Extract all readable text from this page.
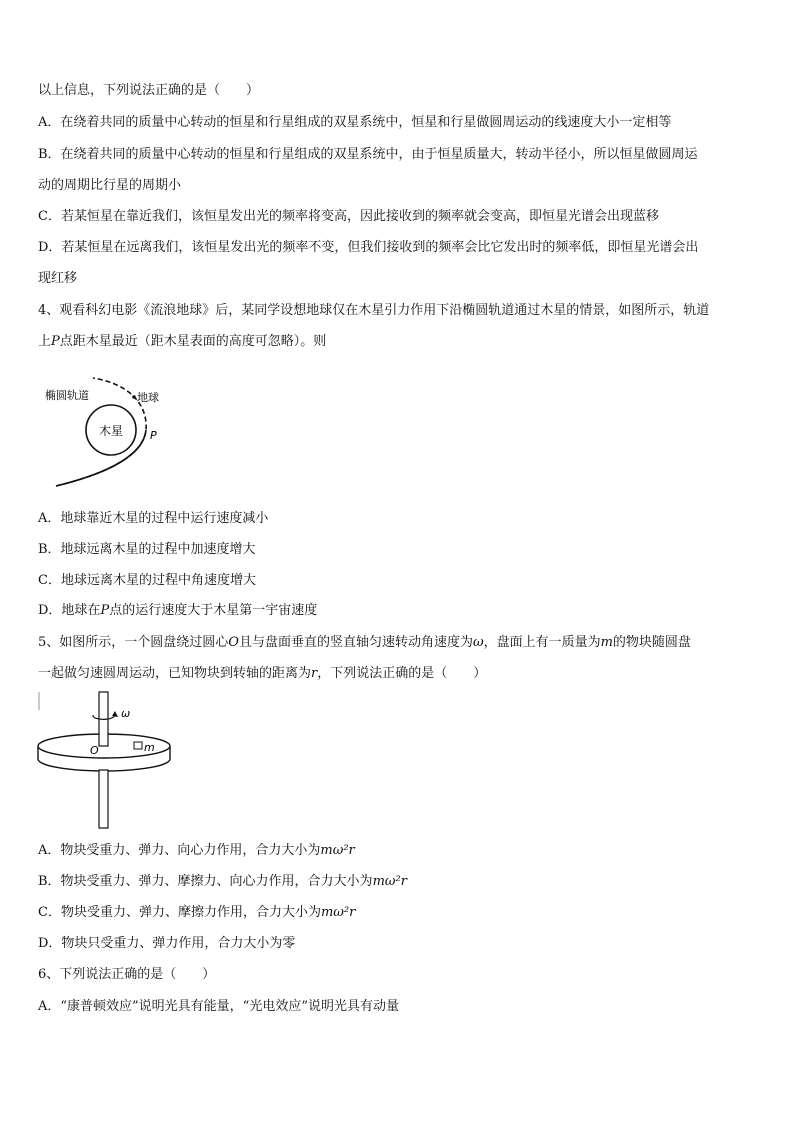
以上信息，下列说法正确的是（　　）
A．在绕着共同的质量中心转动的恒星和行星组成的双星系统中，恒星和行星做圆周运动的线速度大小一定相等
B．在绕着共同的质量中心转动的恒星和行星组成的双星系统中，由于恒星质量大，转动半径小，所以恒星做圆周运
动的周期比行星的周期小
C．若某恒星在靠近我们，该恒星发出光的频率将变高，因此接收到的频率就会变高，即恒星光谱会出现蓝移
D．若某恒星在远离我们，该恒星发出光的频率不变，但我们接收到的频率会比它发出时的频率低，即恒星光谱会出
现红移
4、观看科幻电影《流浪地球》后，某同学设想地球仅在木星引力作用下沿椭圆轨道通过木星的情景，如图所示，轨道
上P点距木星最近（距木星表面的高度可忽略）。则
椭圆轨道	地球
木星 P
A．地球靠近木星的过程中运行速度减小
B．地球远离木星的过程中加速度增大
C．地球远离木星的过程中角速度增大
D．地球在P点的运行速度大于木星第一宇宙速度
5、如图所示，一个圆盘绕过圆心O且与盘面垂直的竖直轴匀速转动角速度为ω，盘面上有一质量为m的物块随圆盘
一起做匀速圆周运动，已知物块到转轴的距离为r，下列说法正确的是（　　）
ω
O	m
A．物块受重力、弹力、向心力作用，合力大小为mω²r
B．物块受重力、弹力、摩擦力、向心力作用，合力大小为mω²r
C．物块受重力、弹力、摩擦力作用，合力大小为mω²r
D．物块只受重力、弹力作用，合力大小为零
6、下列说法正确的是（　　）
A．“康普顿效应”说明光具有能量，“光电效应”说明光具有动量
